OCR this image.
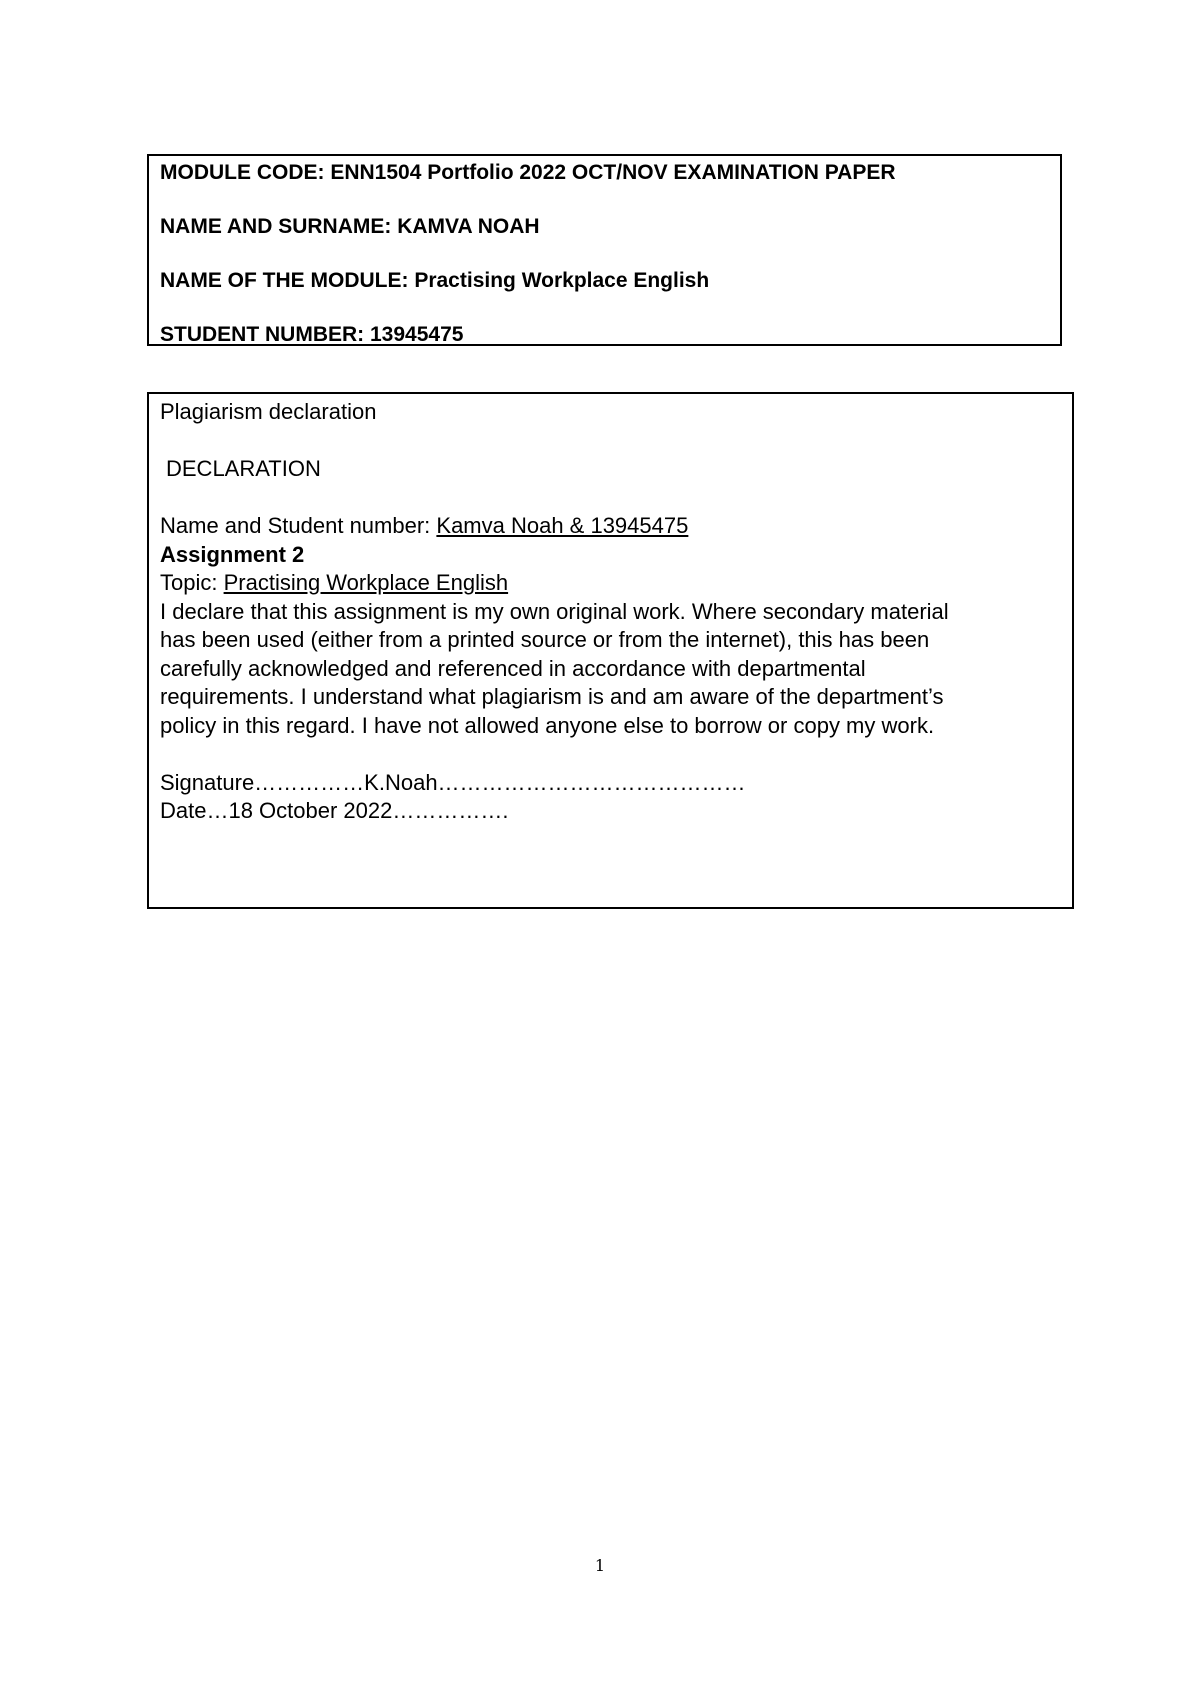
MODULE CODE: ENN1504 Portfolio 2022 OCT/NOV EXAMINATION PAPER
NAME AND SURNAME: KAMVA NOAH
NAME OF THE MODULE: Practising Workplace English
STUDENT NUMBER: 13945475
Plagiarism declaration
DECLARATION
Name and Student number: Kamva Noah & 13945475
Assignment 2
Topic: Practising Workplace English
I declare that this assignment is my own original work. Where secondary material
has been used (either from a printed source or from the internet), this has been
carefully acknowledged and referenced in accordance with departmental
requirements. I understand what plagiarism is and am aware of the department’s
policy in this regard. I have not allowed anyone else to borrow or copy my work.
Signature……………K.Noah……………………………………
Date…18 October 2022…………….
1
